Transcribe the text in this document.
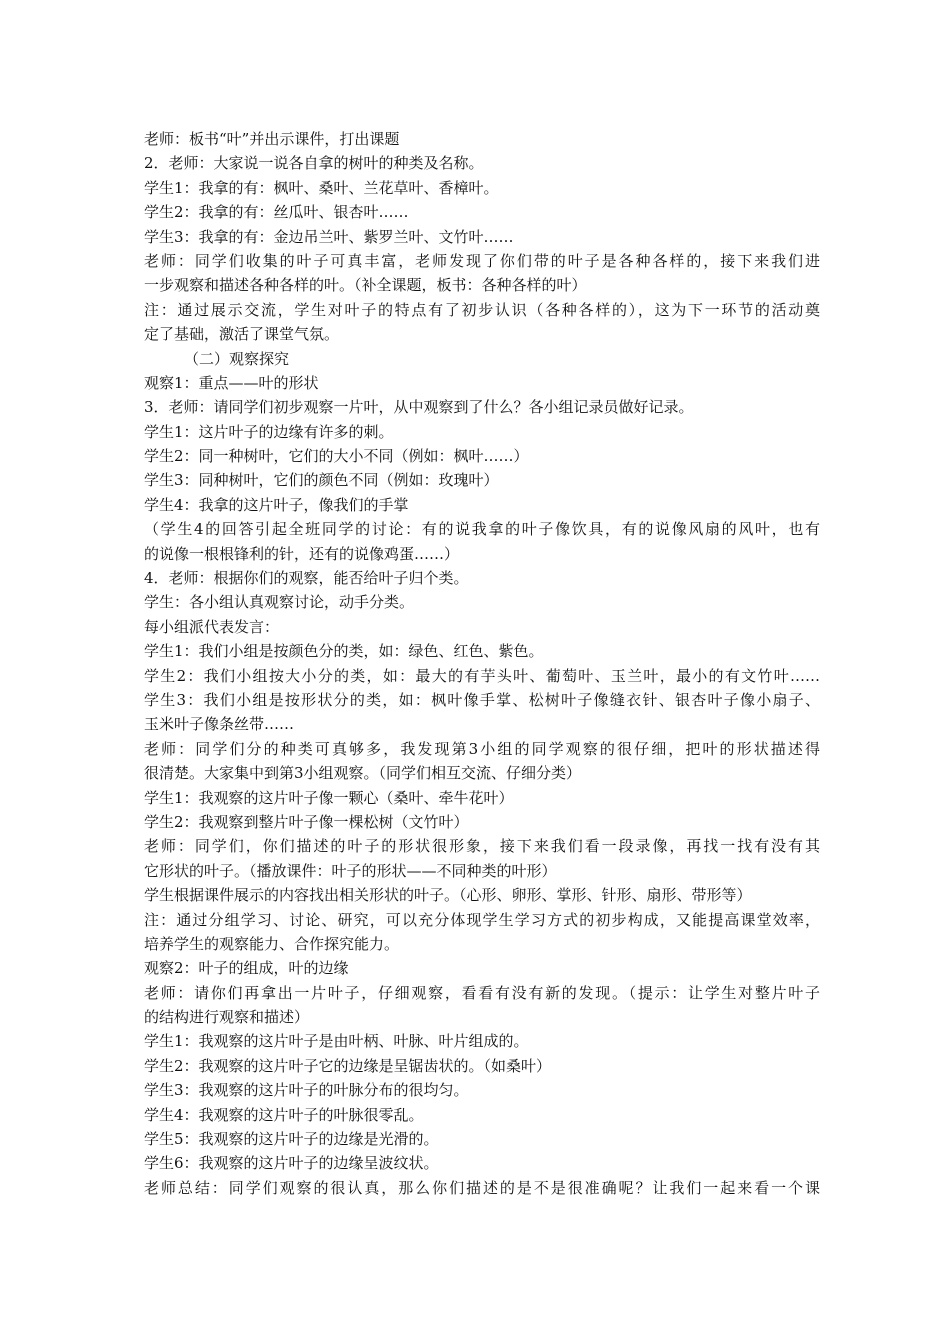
老师：板书“叶”并出示课件，打出课题
2．老师：大家说一说各自拿的树叶的种类及名称。
学生1：我拿的有：枫叶、桑叶、兰花草叶、香樟叶。
学生2：我拿的有：丝瓜叶、银杏叶……
学生3：我拿的有：金边吊兰叶、紫罗兰叶、文竹叶……
老师：同学们收集的叶子可真丰富，老师发现了你们带的叶子是各种各样的，接下来我们进
一步观察和描述各种各样的叶。（补全课题，板书：各种各样的叶）
注：通过展示交流，学生对叶子的特点有了初步认识（各种各样的），这为下一环节的活动奠
定了基础，激活了课堂气氛。
（二）观察探究
观察1：重点——叶的形状
3．老师：请同学们初步观察一片叶，从中观察到了什么？各小组记录员做好记录。
学生1：这片叶子的边缘有许多的刺。
学生2：同一种树叶，它们的大小不同（例如：枫叶……）
学生3：同种树叶，它们的颜色不同（例如：玫瑰叶）
学生4：我拿的这片叶子，像我们的手掌
（学生4的回答引起全班同学的讨论：有的说我拿的叶子像饮具，有的说像风扇的风叶，也有
的说像一根根锋利的针，还有的说像鸡蛋……）
4．老师：根据你们的观察，能否给叶子归个类。
学生：各小组认真观察讨论，动手分类。
每小组派代表发言：
学生1：我们小组是按颜色分的类，如：绿色、红色、紫色。
学生2：我们小组按大小分的类，如：最大的有芋头叶、葡萄叶、玉兰叶，最小的有文竹叶……
学生3：我们小组是按形状分的类，如：枫叶像手掌、松树叶子像缝衣针、银杏叶子像小扇子、
玉米叶子像条丝带……
老师：同学们分的种类可真够多，我发现第3小组的同学观察的很仔细，把叶的形状描述得
很清楚。大家集中到第3小组观察。（同学们相互交流、仔细分类）
学生1：我观察的这片叶子像一颗心（桑叶、牵牛花叶）
学生2：我观察到整片叶子像一棵松树（文竹叶）
老师：同学们，你们描述的叶子的形状很形象，接下来我们看一段录像，再找一找有没有其
它形状的叶子。（播放课件：叶子的形状——不同种类的叶形）
学生根据课件展示的内容找出相关形状的叶子。（心形、卵形、掌形、针形、扇形、带形等）
注：通过分组学习、讨论、研究，可以充分体现学生学习方式的初步构成，又能提高课堂效率，
培养学生的观察能力、合作探究能力。
观察2：叶子的组成，叶的边缘
老师：请你们再拿出一片叶子，仔细观察，看看有没有新的发现。（提示：让学生对整片叶子
的结构进行观察和描述）
学生1：我观察的这片叶子是由叶柄、叶脉、叶片组成的。
学生2：我观察的这片叶子它的边缘是呈锯齿状的。（如桑叶）
学生3：我观察的这片叶子的叶脉分布的很均匀。
学生4：我观察的这片叶子的叶脉很零乱。
学生5：我观察的这片叶子的边缘是光滑的。
学生6：我观察的这片叶子的边缘呈波纹状。
老师总结：同学们观察的很认真，那么你们描述的是不是很准确呢？让我们一起来看一个课
